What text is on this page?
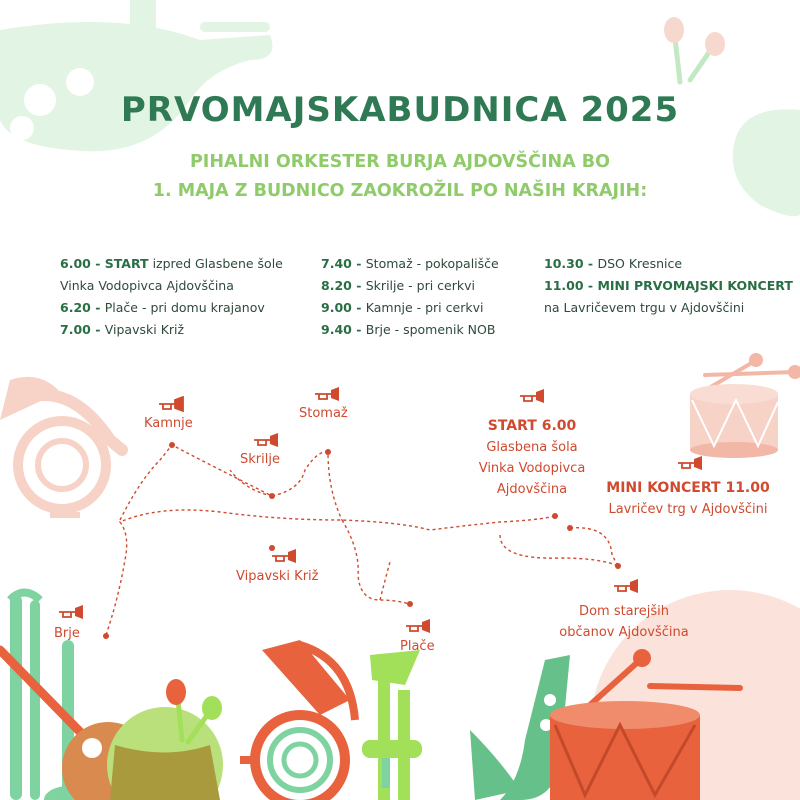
PRVOMAJSKABUDNICA 2025
PIHALNI ORKESTER BURJA AJDOVŠČINA BO
1. MAJA Z BUDNICO ZAOKROŽIL PO NAŠIH KRAJIH:
6.00 - START izpred Glasbene šole
Vinka Vodopivca Ajdovščina
6.20 - Plače - pri domu krajanov
7.00 - Vipavski Križ
7.40 - Stomaž - pokopališče
8.20 - Skrilje - pri cerkvi
9.00 - Kamnje - pri cerkvi
9.40 - Brje - spomenik NOB
10.30 - DSO Kresnice
11.00 - MINI PRVOMAJSKI KONCERT
na Lavričevem trgu v Ajdovščini
Kamnje
Skrilje
Stomaž
START 6.00
Glasbena šola
Vinka Vodopivca
Ajdovščina	MINI KONCERT 11.00
Lavričev trg v Ajdovščini
Vipavski Križ
Brje
Plače
Dom starejših
občanov Ajdovščina
